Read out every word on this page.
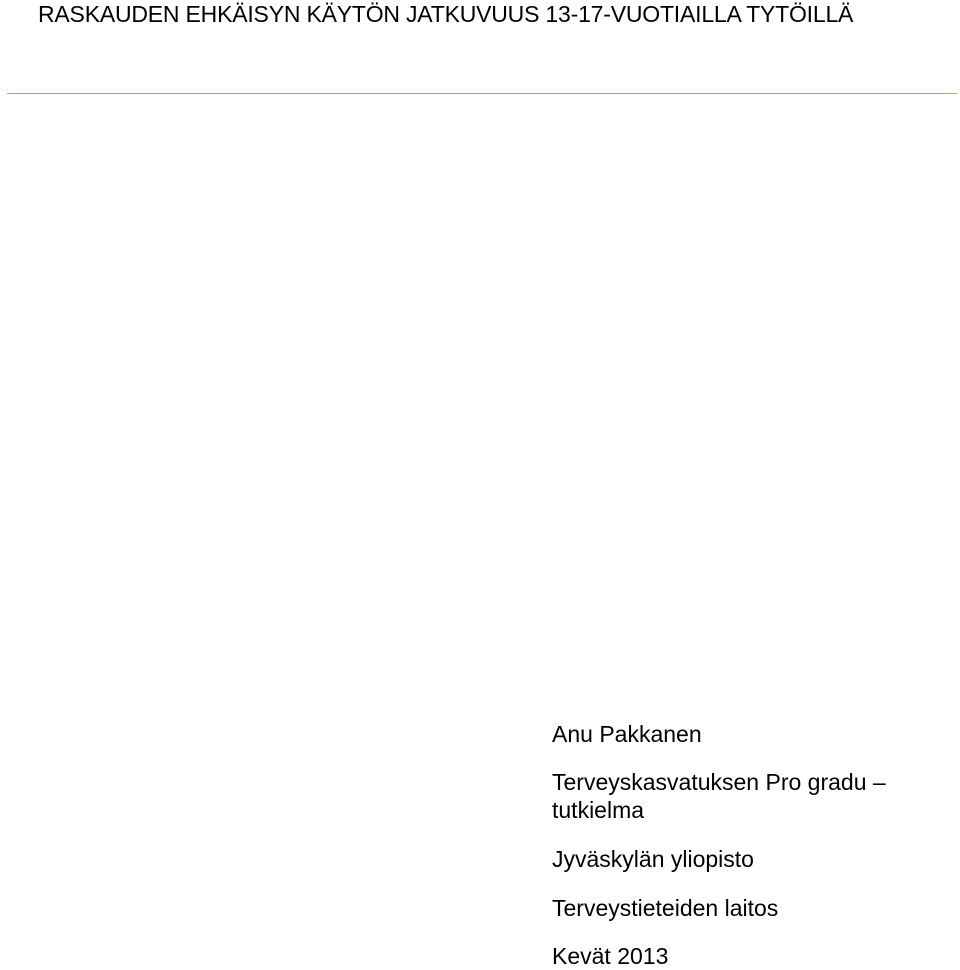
RASKAUDEN EHKÄISYN KÄYTÖN JATKUVUUS 13-17-VUOTIAILLA TYTÖILLÄ
Anu Pakkanen
Terveyskasvatuksen Pro gradu –
tutkielma
Jyväskylän yliopisto
Terveystieteiden laitos
Kevät 2013
